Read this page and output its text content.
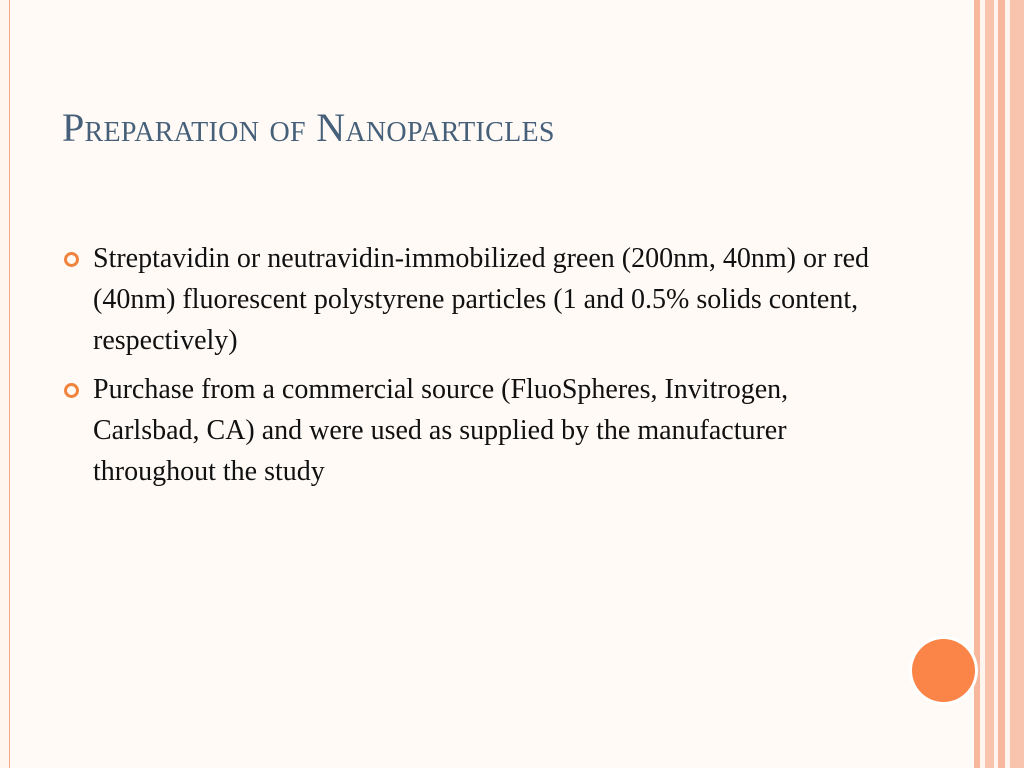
Preparation of Nanoparticles
Streptavidin or neutravidin-immobilized green (200nm, 40nm) or red (40nm) fluorescent polystyrene particles (1 and 0.5% solids content, respectively)
Purchase from a commercial source (FluoSpheres, Invitrogen, Carlsbad, CA) and were used as supplied by the manufacturer throughout the study
